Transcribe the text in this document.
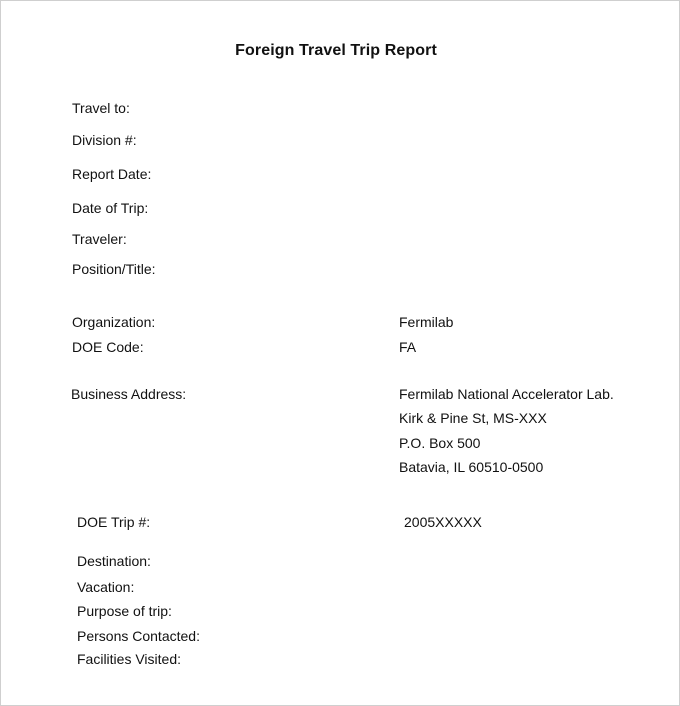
Foreign Travel Trip Report
Travel to:
Division #:
Report Date:
Date of Trip:
Traveler:
Position/Title:
Organization:	Fermilab
DOE Code:	FA
Business Address:	Fermilab National Accelerator Lab.
Kirk & Pine St, MS-XXX
P.O. Box 500
Batavia, IL 60510-0500
DOE Trip #:	2005XXXXX
Destination:
Vacation:
Purpose of trip:
Persons Contacted:
Facilities Visited:
